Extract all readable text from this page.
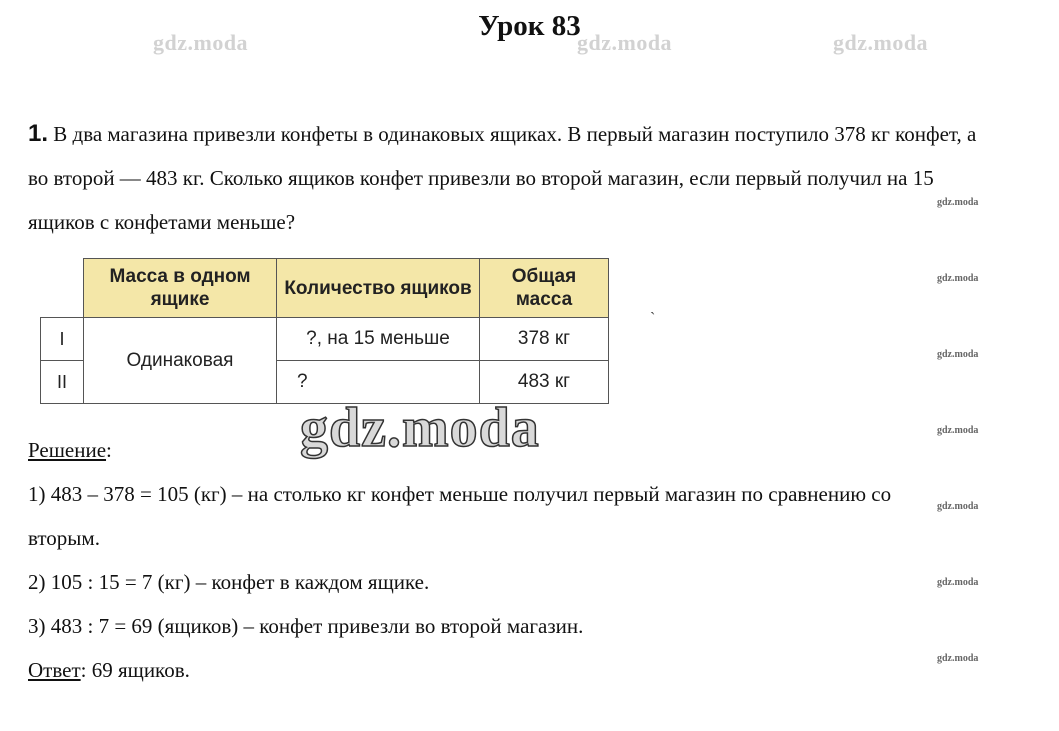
Урок 83
gdz.moda	gdz.moda	gdz.moda
gdz.moda
gdz.moda
gdz.moda
gdz.moda
gdz.moda
gdz.moda
gdz.moda
1. В два магазина привезли конфеты в одинаковых ящиках. В первый магазин поступило 378 кг конфет, а во второй — 483 кг. Сколько ящиков конфет привезли во второй магазин, если первый получил на 15 ящиков с конфетами меньше?
`
	Масса в одном ящике	Количество ящиков	Общая масса
I	Одинаковая	?, на 15 меньше	378 кг
II		?	483 кг
gdz.moda
Решение:
1) 483 – 378 = 105 (кг) – на столько кг конфет меньше получил первый магазин по сравнению со вторым.
2) 105 : 15 = 7 (кг) – конфет в каждом ящике.
3) 483 : 7 = 69 (ящиков) – конфет привезли во второй магазин.
Ответ: 69 ящиков.
